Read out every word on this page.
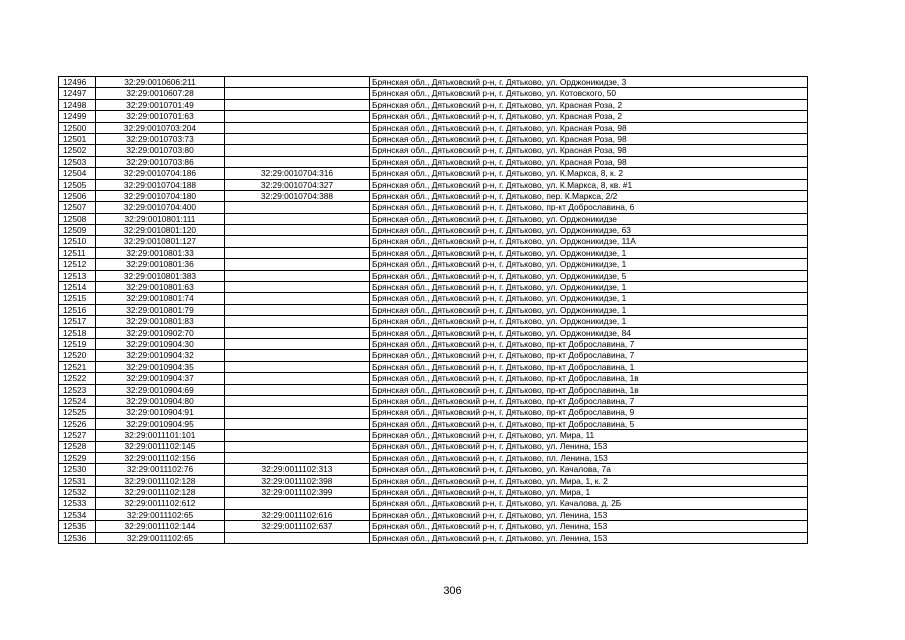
12496	32:29:0010606:211		Брянская обл., Дятьковский р-н, г. Дятьково, ул. Орджоникидзе, 3
12497	32:29:0010607:28		Брянская обл., Дятьковский р-н, г. Дятьково, ул. Котовского, 50
12498	32:29:0010701:49		Брянская обл., Дятьковский р-н, г. Дятьково, ул. Красная Роза, 2
12499	32:29:0010701:63		Брянская обл., Дятьковский р-н, г. Дятьково, ул. Красная Роза, 2
12500	32:29:0010703:204		Брянская обл., Дятьковский р-н, г. Дятьково, ул. Красная Роза, 98
12501	32:29:0010703:73		Брянская обл., Дятьковский р-н, г. Дятьково, ул. Красная Роза, 98
12502	32:29:0010703:80		Брянская обл., Дятьковский р-н, г. Дятьково, ул. Красная Роза, 98
12503	32:29:0010703:86		Брянская обл., Дятьковский р-н, г. Дятьково, ул. Красная Роза, 98
12504	32:29:0010704:186	32:29:0010704:316	Брянская обл., Дятьковский р-н, г. Дятьково, ул. К.Маркса, 8, к. 2
12505	32:29:0010704:188	32:29:0010704:327	Брянская обл., Дятьковский р-н, г. Дятьково, ул. К.Маркса, 8, кв. #1
12506	32:29:0010704:180	32:29:0010704:388	Брянская обл., Дятьковский р-н, г. Дятьково, пер. К.Маркса, 2/2
12507	32:29:0010704:400		Брянская обл., Дятьковский р-н, г. Дятьково, пр-кт Доброславина, 6
12508	32:29:0010801:111		Брянская обл., Дятьковский р-н, г. Дятьково, ул. Орджоникидзе
12509	32:29:0010801:120		Брянская обл., Дятьковский р-н, г. Дятьково, ул. Орджоникидзе, 63
12510	32:29:0010801:127		Брянская обл., Дятьковский р-н, г. Дятьково, ул. Орджоникидзе, 11А
12511	32:29:0010801:33		Брянская обл., Дятьковский р-н, г. Дятьково, ул. Орджоникидзе, 1
12512	32:29:0010801:36		Брянская обл., Дятьковский р-н, г. Дятьково, ул. Орджоникидзе, 1
12513	32:29:0010801:383		Брянская обл., Дятьковский р-н, г. Дятьково, ул. Орджоникидзе, 5
12514	32:29:0010801:63		Брянская обл., Дятьковский р-н, г. Дятьково, ул. Орджоникидзе, 1
12515	32:29:0010801:74		Брянская обл., Дятьковский р-н, г. Дятьково, ул. Орджоникидзе, 1
12516	32:29:0010801:79		Брянская обл., Дятьковский р-н, г. Дятьково, ул. Орджоникидзе, 1
12517	32:29:0010801:83		Брянская обл., Дятьковский р-н, г. Дятьково, ул. Орджоникидзе, 1
12518	32:29:0010902:70		Брянская обл., Дятьковский р-н, г. Дятьково, ул. Орджоникидзе, 84
12519	32:29:0010904:30		Брянская обл., Дятьковский р-н, г. Дятьково, пр-кт Доброславина, 7
12520	32:29:0010904:32		Брянская обл., Дятьковский р-н, г. Дятьково, пр-кт Доброславина, 7
12521	32:29:0010904:35		Брянская обл., Дятьковский р-н, г. Дятьково, пр-кт Доброславина, 1
12522	32:29:0010904:37		Брянская обл., Дятьковский р-н, г. Дятьково, пр-кт Доброславина, 1в
12523	32:29:0010904:69		Брянская обл., Дятьковский р-н, г. Дятьково, пр-кт Доброславина, 1в
12524	32:29:0010904:80		Брянская обл., Дятьковский р-н, г. Дятьково, пр-кт Доброславина, 7
12525	32:29:0010904:91		Брянская обл., Дятьковский р-н, г. Дятьково, пр-кт Доброславина, 9
12526	32:29:0010904:95		Брянская обл., Дятьковский р-н, г. Дятьково, пр-кт Доброславина, 5
12527	32:29:0011101:101		Брянская обл., Дятьковский р-н, г. Дятьково, ул. Мира, 11
12528	32:29:0011102:145		Брянская обл., Дятьковский р-н, г. Дятьково, ул. Ленина, 153
12529	32:29:0011102:156		Брянская обл., Дятьковский р-н, г. Дятьково, пл. Ленина, 153
12530	32:29:0011102:76	32:29:0011102:313	Брянская обл., Дятьковский р-н, г. Дятьково, ул. Качалова, 7а
12531	32:29:0011102:128	32:29:0011102:398	Брянская обл., Дятьковский р-н, г. Дятьково, ул. Мира, 1, к. 2
12532	32:29:0011102:128	32:29:0011102:399	Брянская обл., Дятьковский р-н, г. Дятьково, ул. Мира, 1
12533	32:29:0011102:612		Брянская обл., Дятьковский р-н, г. Дятьково, ул. Качалова, д. 2Б
12534	32:29:0011102:65	32:29:0011102:616	Брянская обл., Дятьковский р-н, г. Дятьково, ул. Ленина, 153
12535	32:29:0011102:144	32:29:0011102:637	Брянская обл., Дятьковский р-н, г. Дятьково, ул. Ленина, 153
12536	32:29:0011102:65		Брянская обл., Дятьковский р-н, г. Дятьково, ул. Ленина, 153
306
